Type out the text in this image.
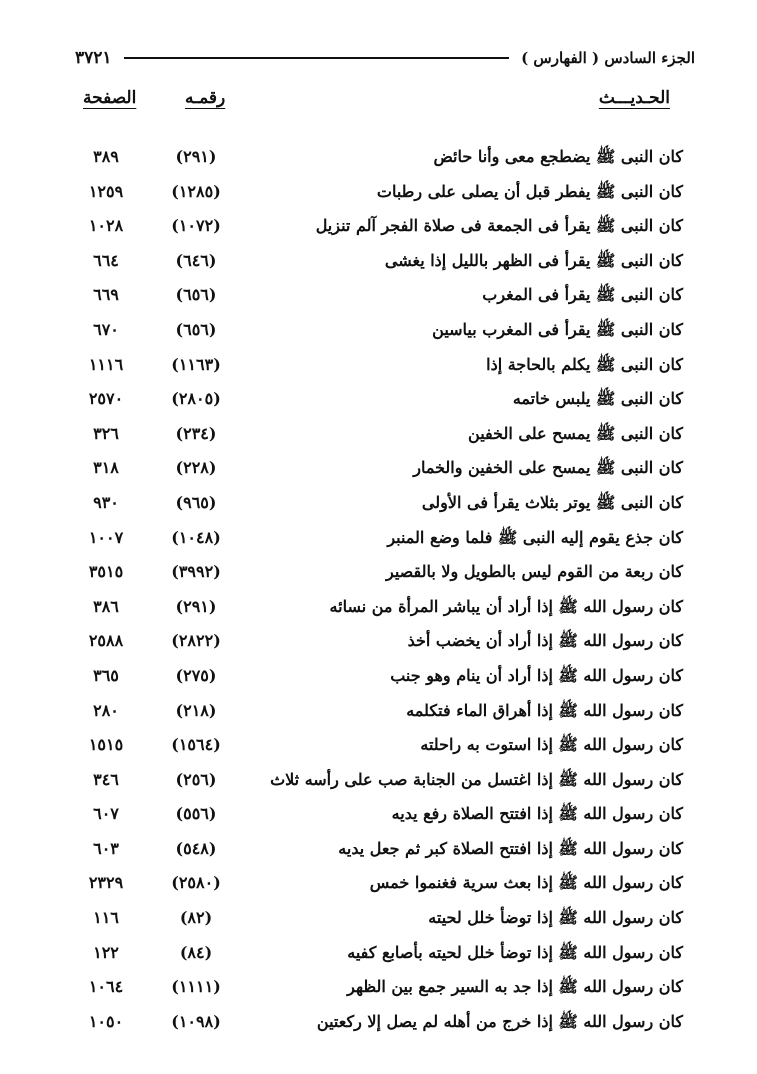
الجزء السادس ( الفهارس )
٣٧٢١
الحـديـــث
رقمـه
الصفحة
كان النبى ﷺ يضطجع معى وأنا حائض
(٢٩١)
٣٨٩
كان النبى ﷺ يفطر قبل أن يصلى على رطبات
(١٢٨٥)
١٢٥٩
كان النبى ﷺ يقرأ فى الجمعة فى صلاة الفجر آلم تنزيل
(١٠٧٢)
١٠٢٨
كان النبى ﷺ يقرأ فى الظهر بالليل إذا يغشى
(٦٤٦)
٦٦٤
كان النبى ﷺ يقرأ فى المغرب
(٦٥٦)
٦٦٩
كان النبى ﷺ يقرأ فى المغرب بياسين
(٦٥٦)
٦٧٠
كان النبى ﷺ يكلم بالحاجة إذا
(١١٦٣)
١١١٦
كان النبى ﷺ يلبس خاتمه
(٢٨٠٥)
٢٥٧٠
كان النبى ﷺ يمسح على الخفين
(٢٣٤)
٣٢٦
كان النبى ﷺ يمسح على الخفين والخمار
(٢٢٨)
٣١٨
كان النبى ﷺ يوتر بثلاث يقرأ فى الأولى
(٩٦٥)
٩٣٠
كان جذع يقوم إليه النبى ﷺ فلما وضع المنبر
(١٠٤٨)
١٠٠٧
كان ربعة من القوم ليس بالطويل ولا بالقصير
(٣٩٩٢)
٣٥١٥
كان رسول الله ﷺ إذا أراد أن يباشر المرأة من نسائه
(٢٩١)
٣٨٦
كان رسول الله ﷺ إذا أراد أن يخضب أخذ
(٢٨٢٢)
٢٥٨٨
كان رسول الله ﷺ إذا أراد أن ينام وهو جنب
(٢٧٥)
٣٦٥
كان رسول الله ﷺ إذا أهراق الماء فتكلمه
(٢١٨)
٢٨٠
كان رسول الله ﷺ إذا استوت به راحلته
(١٥٦٤)
١٥١٥
كان رسول الله ﷺ إذا اغتسل من الجنابة صب على رأسه ثلاث
(٢٥٦)
٣٤٦
كان رسول الله ﷺ إذا افتتح الصلاة رفع يديه
(٥٥٦)
٦٠٧
كان رسول الله ﷺ إذا افتتح الصلاة كبر ثم جعل يديه
(٥٤٨)
٦٠٣
كان رسول الله ﷺ إذا بعث سرية فغنموا خمس
(٢٥٨٠)
٢٣٢٩
كان رسول الله ﷺ إذا توضأ خلل لحيته
(٨٢)
١١٦
كان رسول الله ﷺ إذا توضأ خلل لحيته بأصابع كفيه
(٨٤)
١٢٢
كان رسول الله ﷺ إذا جد به السير جمع بين الظهر
(١١١١)
١٠٦٤
كان رسول الله ﷺ إذا خرج من أهله لم يصل إلا ركعتين
(١٠٩٨)
١٠٥٠
